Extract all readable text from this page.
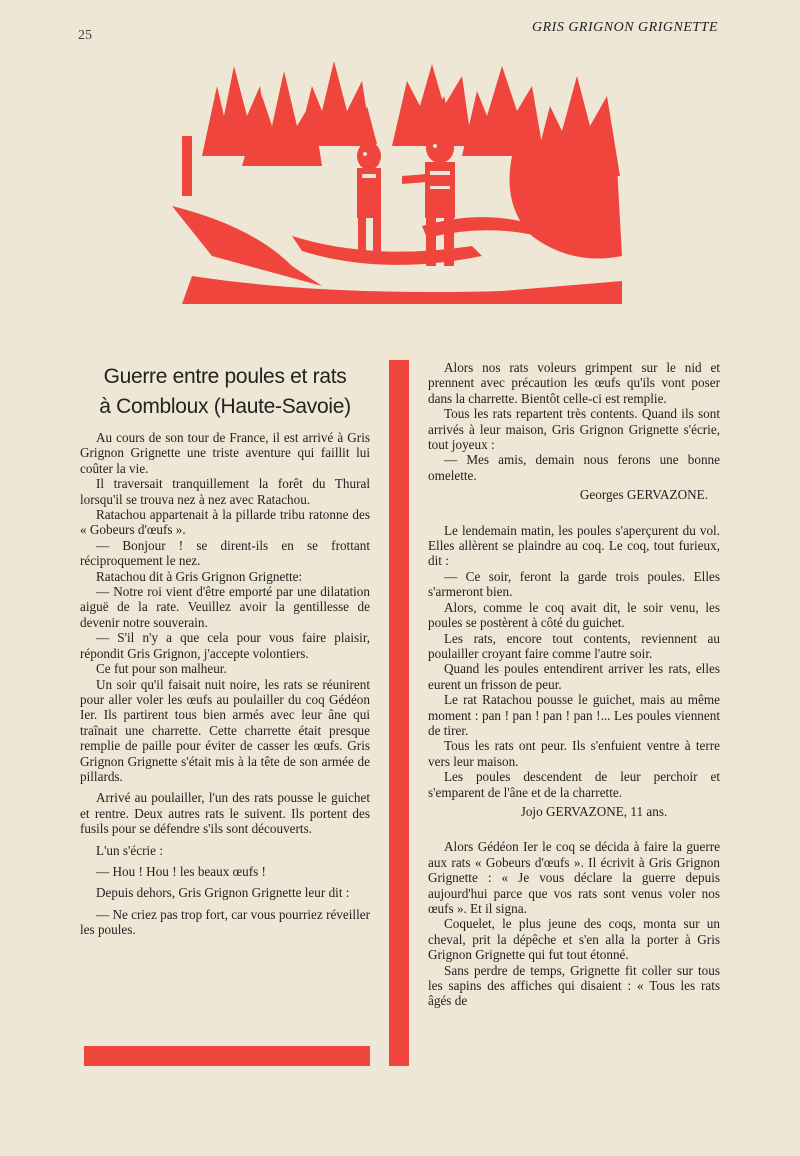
25
GRIS GRIGNON GRIGNETTE
Guerre entre poules et rats
à Combloux (Haute-Savoie)

Au cours de son tour de France, il est arrivé à Gris Grignon Grignette une triste aventure qui faillit lui coûter la vie.

Il traversait tranquillement la forêt du Thural lorsqu'il se trouva nez à nez avec Ratachou.

Ratachou appartenait à la pillarde tribu ratonne des « Gobeurs d'œufs ».

— Bonjour ! se dirent-ils en se frottant réciproquement le nez.

Ratachou dit à Gris Grignon Grignette:

— Notre roi vient d'être emporté par une dilatation aiguë de la rate. Veuillez avoir la gentillesse de devenir notre souverain.

— S'il n'y a que cela pour vous faire plaisir, répondit Gris Grignon, j'accepte volontiers.

Ce fut pour son malheur.

Un soir qu'il faisait nuit noire, les rats se réunirent pour aller voler les œufs au poulailler du coq Gédéon Ier. Ils partirent tous bien armés avec leur âne qui traînait une charrette. Cette charrette était presque remplie de paille pour éviter de casser les œufs. Gris Grignon Grignette s'était mis à la tête de son armée de pillards.

Arrivé au poulailler, l'un des rats pousse le guichet et rentre. Deux autres rats le suivent. Ils portent des fusils pour se défendre s'ils sont découverts.

L'un s'écrie :

— Hou ! Hou ! les beaux œufs !

Depuis dehors, Gris Grignon Grignette leur dit :

— Ne criez pas trop fort, car vous pourriez réveiller les poules.

Alors nos rats voleurs grimpent sur le nid et prennent avec précaution les œufs qu'ils vont poser dans la charrette. Bientôt celle-ci est remplie.

Tous les rats repartent très contents. Quand ils sont arrivés à leur maison, Gris Grignon Grignette s'écrie, tout joyeux :

— Mes amis, demain nous ferons une bonne omelette.

Georges GERVAZONE.

Le lendemain matin, les poules s'aperçurent du vol. Elles allèrent se plaindre au coq. Le coq, tout furieux, dit :

— Ce soir, feront la garde trois poules. Elles s'armeront bien.

Alors, comme le coq avait dit, le soir venu, les poules se postèrent à côté du guichet.

Les rats, encore tout contents, reviennent au poulailler croyant faire comme l'autre soir.

Quand les poules entendirent arriver les rats, elles eurent un frisson de peur.

Le rat Ratachou pousse le guichet, mais au même moment : pan ! pan ! pan ! pan !... Les poules viennent de tirer.

Tous les rats ont peur. Ils s'enfuient ventre à terre vers leur maison.

Les poules descendent de leur perchoir et s'emparent de l'âne et de la charrette.

Jojo GERVAZONE, 11 ans.

Alors Gédéon Ier le coq se décida à faire la guerre aux rats « Gobeurs d'œufs ». Il écrivit à Gris Grignon Grignette : « Je vous déclare la guerre depuis aujourd'hui parce que vos rats sont venus voler nos œufs ». Et il signa.

Coquelet, le plus jeune des coqs, monta sur un cheval, prit la dépêche et s'en alla la porter à Gris Grignon Grignette qui fut tout étonné.

Sans perdre de temps, Grignette fit coller sur tous les sapins des affiches qui disaient : « Tous les rats âgés de
